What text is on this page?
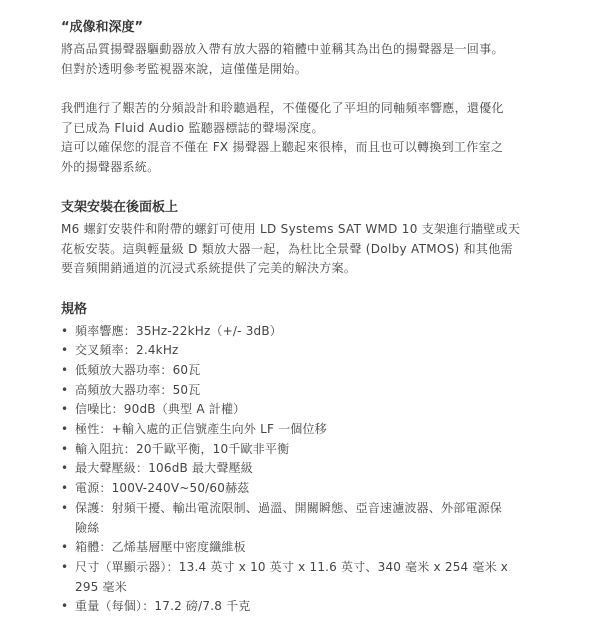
“成像和深度”

將高品質揚聲器驅動器放入帶有放大器的箱體中並稱其為出色的揚聲器是一回事。

但對於透明參考監視器來說，這僅僅是開始。

我們進行了艱苦的分頻設計和聆聽過程，不僅優化了平坦的同軸頻率響應，還優化

了已成為 Fluid Audio 監聽器標誌的聲場深度。

這可以確保您的混音不僅在 FX 揚聲器上聽起來很棒，而且也可以轉換到工作室之

外的揚聲器系統。

支架安裝在後面板上

M6 螺釘安裝件和附帶的螺釘可使用 LD Systems SAT WMD 10 支架進行牆壁或天

花板安裝。這與輕量級 D 類放大器一起，為杜比全景聲 (Dolby ATMOS) 和其他需

要音頻開銷通道的沉浸式系統提供了完美的解決方案。

規格
• 頻率響應：35Hz-22kHz（+/- 3dB）
• 交叉頻率：2.4kHz
• 低頻放大器功率：60瓦
• 高頻放大器功率：50瓦
• 信噪比：90dB（典型 A 計權）
• 極性：+輸入處的正信號產生向外 LF 一個位移
• 輸入阻抗：20千歐平衡，10千歐非平衡
• 最大聲壓級：106dB 最大聲壓級
• 電源：100V-240V~50/60赫茲
• 保護：射頻干擾、輸出電流限制、過溫、開關瞬態、亞音速濾波器、外部電源保
險絲
• 箱體：乙烯基層壓中密度纖維板
• 尺寸（單顯示器）：13.4 英寸 x 10 英寸 x 11.6 英寸、340 毫米 x 254 毫米 x
295 毫米
• 重量（每個）：17.2 磅/7.8 千克
